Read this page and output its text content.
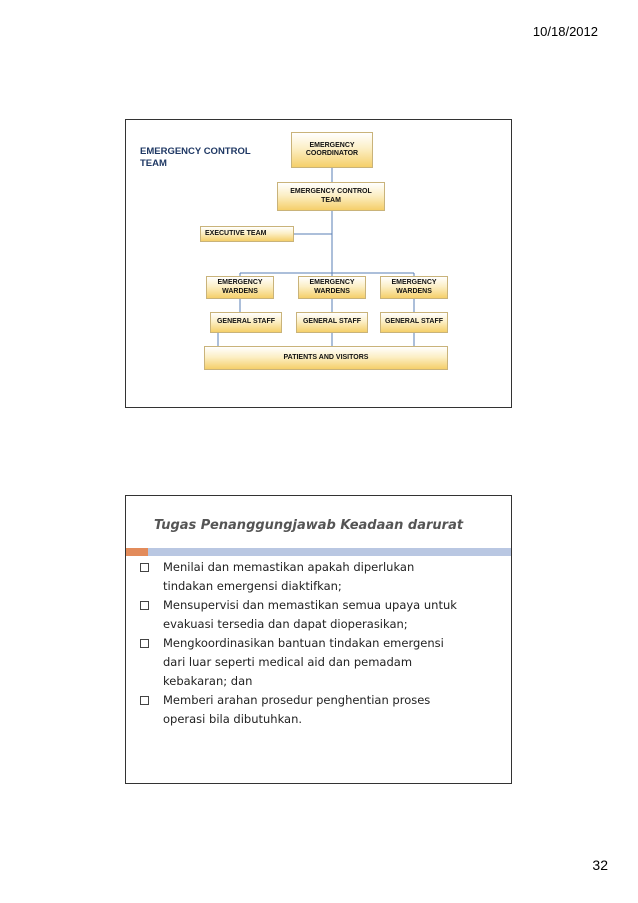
10/18/2012
EMERGENCY CONTROL
TEAM
EMERGENCY
COORDINATOR
EMERGENCY CONTROL
TEAM
EXECUTIVE TEAM
EMERGENCY
WARDENS
EMERGENCY
WARDENS
EMERGENCY
WARDENS
GENERAL STAFF	GENERAL STAFF	GENERAL STAFF
PATIENTS AND VISITORS
Tugas Penanggungjawab Keadaan darurat
Menilai dan memastikan apakah diperlukan
tindakan emergensi diaktifkan;
Mensupervisi dan memastikan semua upaya untuk
evakuasi tersedia dan dapat dioperasikan;
Mengkoordinasikan bantuan tindakan emergensi
dari luar seperti medical aid dan pemadam
kebakaran; dan
Memberi arahan prosedur penghentian proses
operasi bila dibutuhkan.
32
